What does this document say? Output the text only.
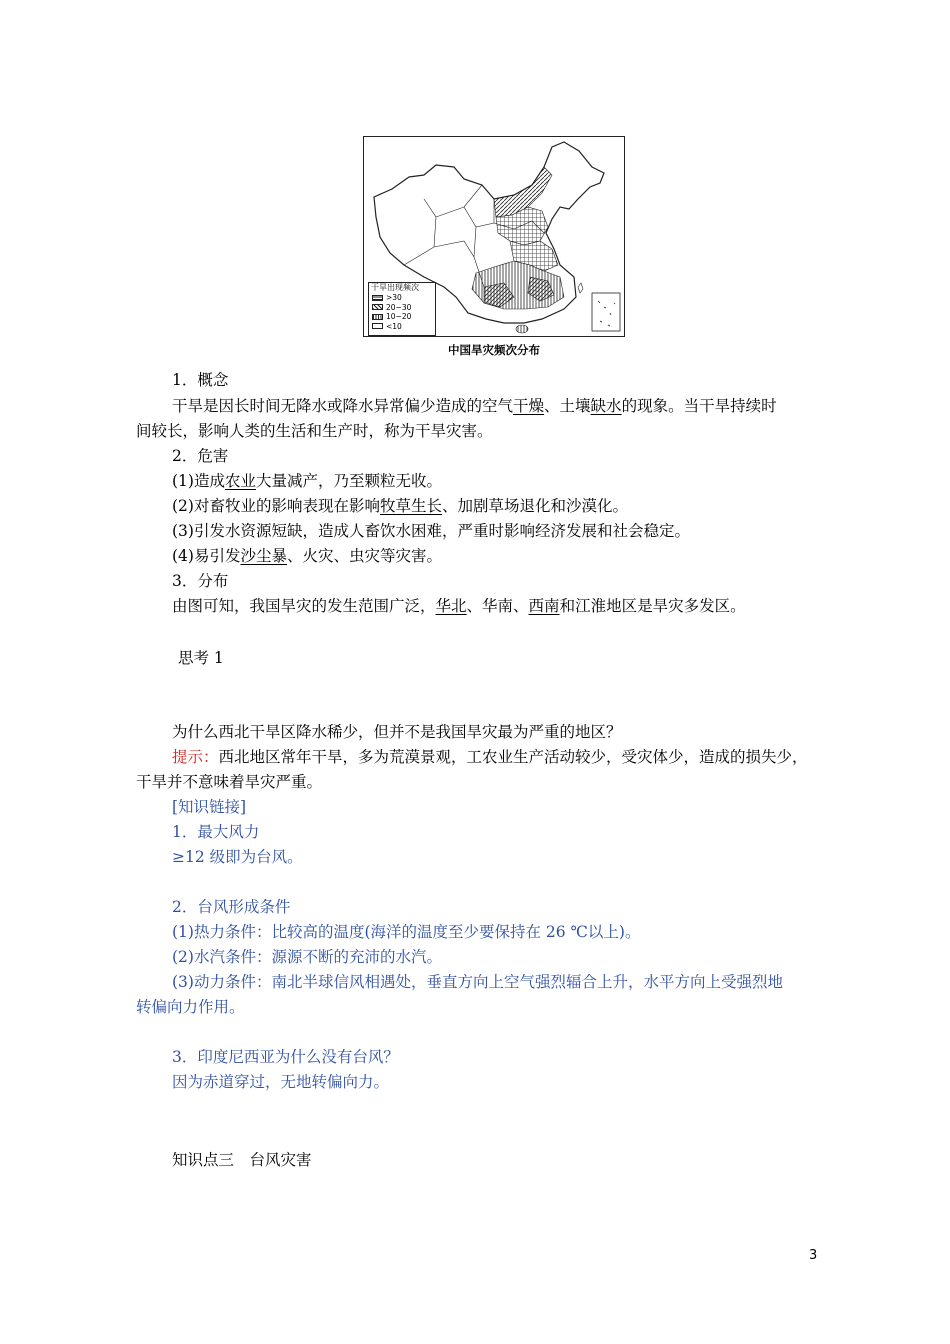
干旱出现频次
>30
20~30
10~20
<10
中国旱灾频次分布
1．概念
干旱是因长时间无降水或降水异常偏少造成的空气干燥、土壤缺水的现象。当干旱持续时
间较长，影响人类的生活和生产时，称为干旱灾害。
2．危害
(1)造成农业大量减产，乃至颗粒无收。
(2)对畜牧业的影响表现在影响牧草生长、加剧草场退化和沙漠化。
(3)引发水资源短缺，造成人畜饮水困难，严重时影响经济发展和社会稳定。
(4)易引发沙尘暴、火灾、虫灾等灾害。
3．分布
由图可知，我国旱灾的发生范围广泛，华北、华南、西南和江淮地区是旱灾多发区。
思考 1
为什么西北干旱区降水稀少，但并不是我国旱灾最为严重的地区？
提示：西北地区常年干旱，多为荒漠景观，工农业生产活动较少，受灾体少，造成的损失少，
干旱并不意味着旱灾严重。
[知识链接]
1．最大风力
≥12 级即为台风。
2．台风形成条件
(1)热力条件：比较高的温度(海洋的温度至少要保持在 26 ℃以上)。
(2)水汽条件：源源不断的充沛的水汽。
(3)动力条件：南北半球信风相遇处，垂直方向上空气强烈辐合上升，水平方向上受强烈地
转偏向力作用。
3．印度尼西亚为什么没有台风？
因为赤道穿过，无地转偏向力。
知识点三　台风灾害
3
